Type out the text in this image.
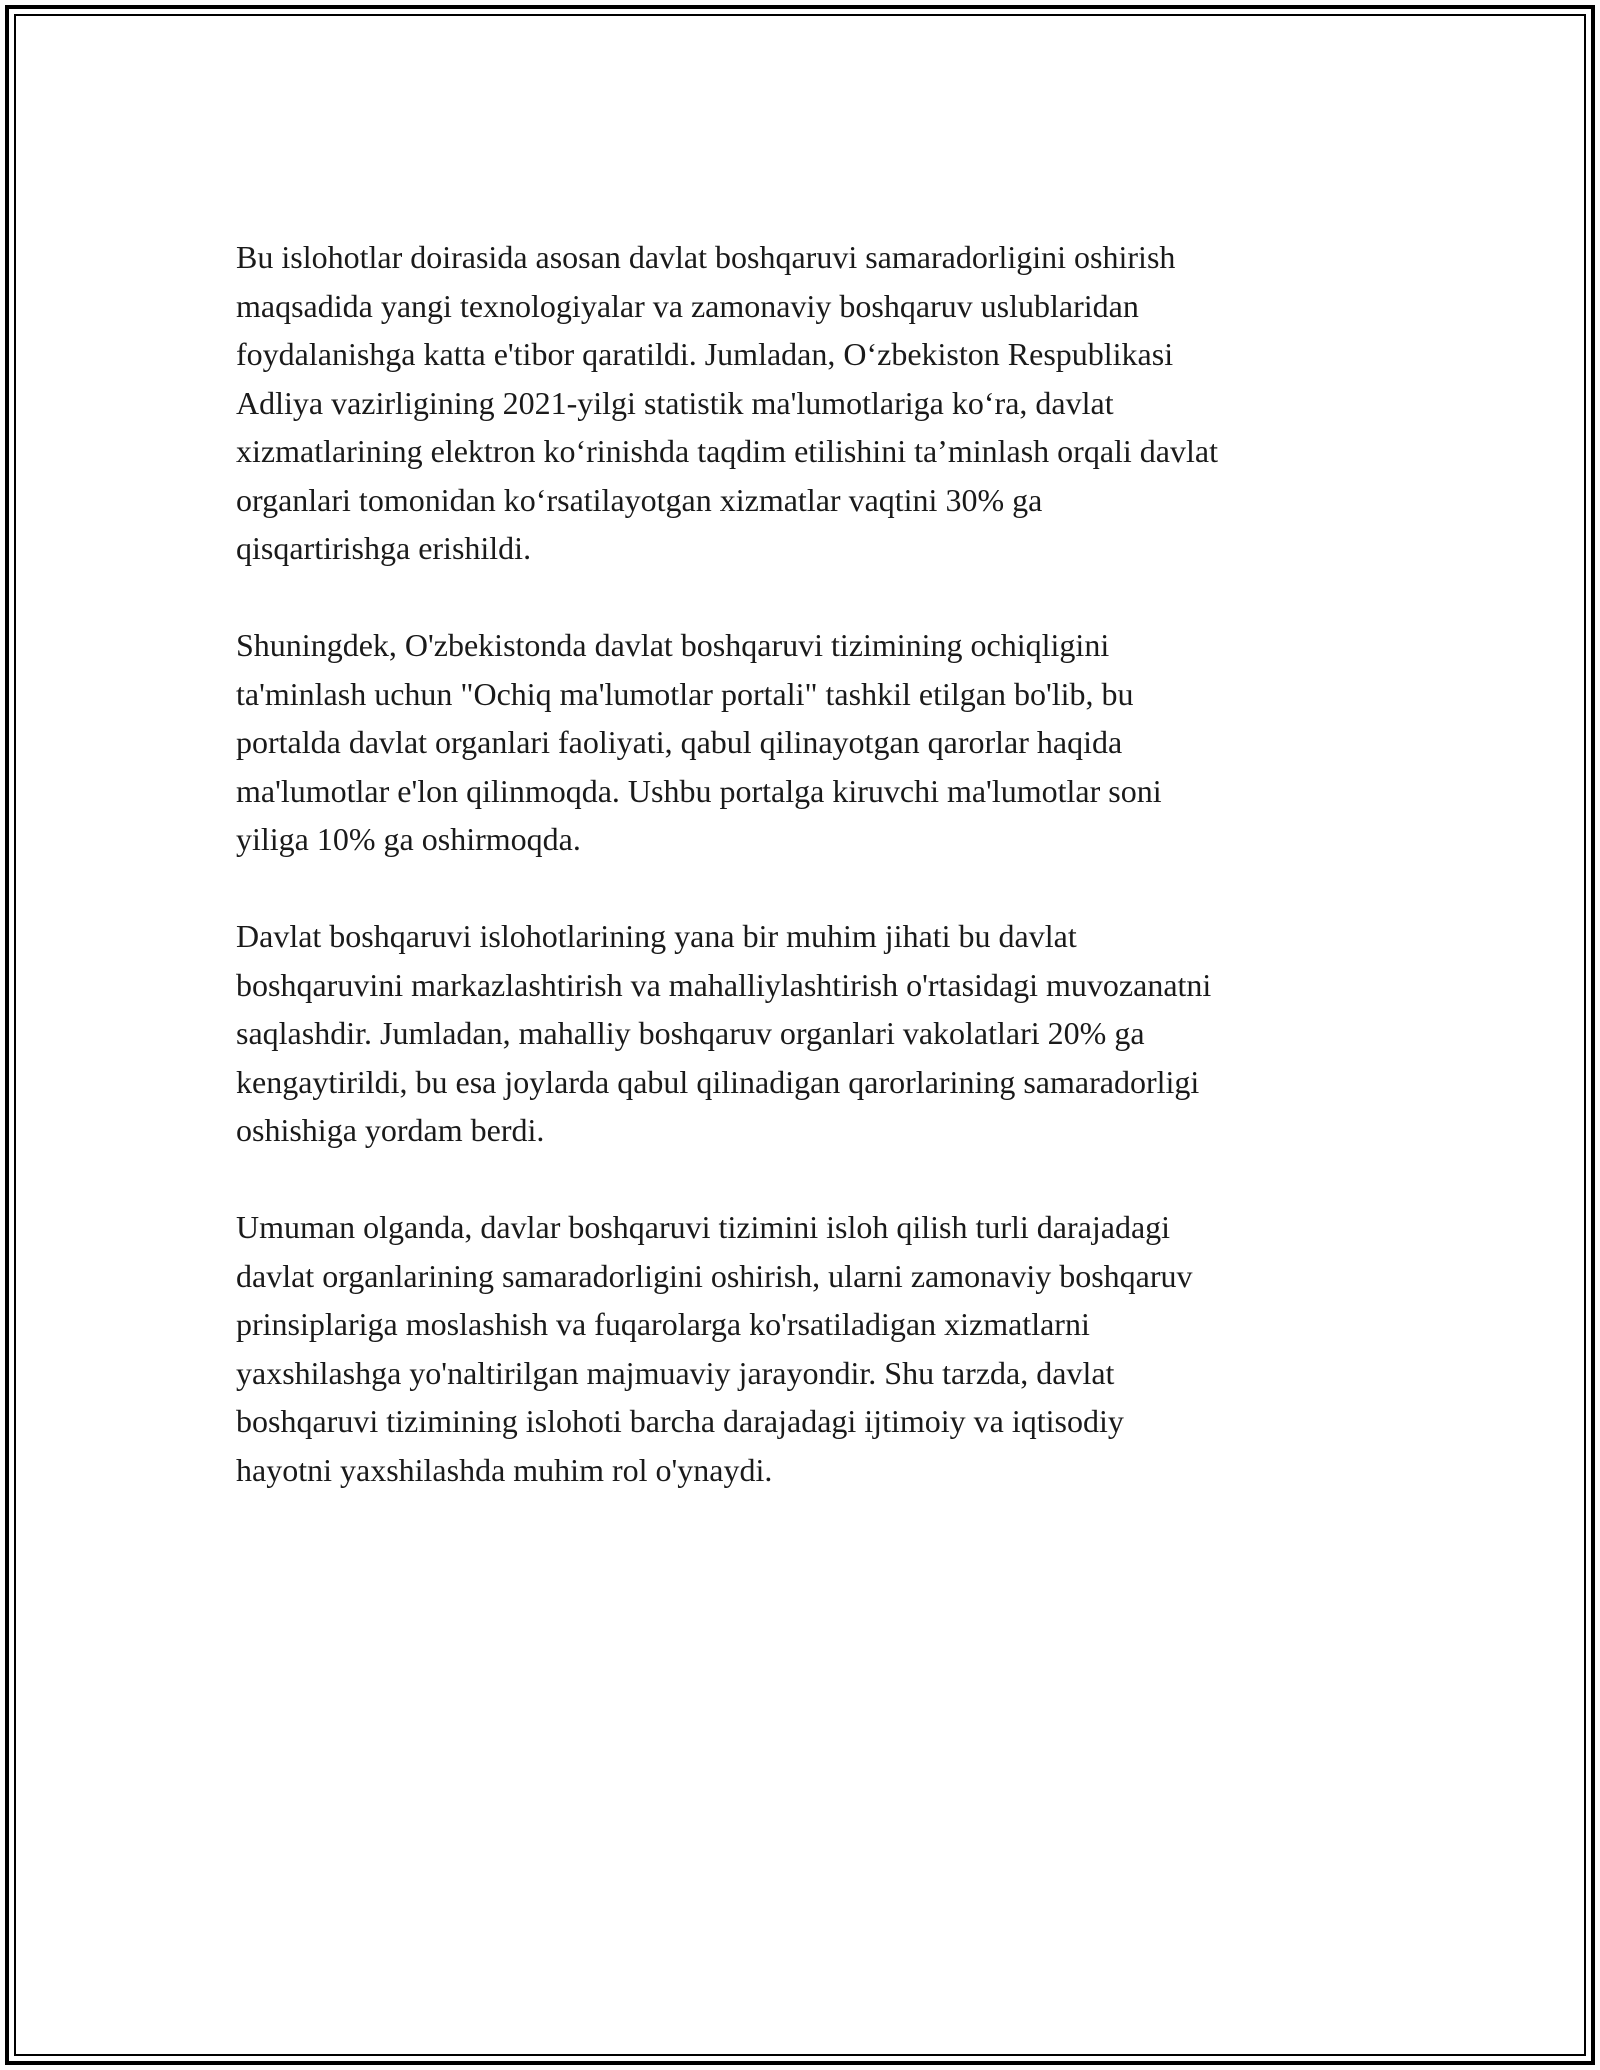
Bu islohotlar doirasida asosan davlat boshqaruvi samaradorligini oshirish
maqsadida yangi texnologiyalar va zamonaviy boshqaruv uslublaridan
foydalanishga katta e'tibor qaratildi. Jumladan, O‘zbekiston Respublikasi
Adliya vazirligining 2021-yilgi statistik ma'lumotlariga ko‘ra, davlat
xizmatlarining elektron ko‘rinishda taqdim etilishini ta’minlash orqali davlat
organlari tomonidan ko‘rsatilayotgan xizmatlar vaqtini 30% ga
qisqartirishga erishildi.

Shuningdek, O'zbekistonda davlat boshqaruvi tizimining ochiqligini
ta'minlash uchun "Ochiq ma'lumotlar portali" tashkil etilgan bo'lib, bu
portalda davlat organlari faoliyati, qabul qilinayotgan qarorlar haqida
ma'lumotlar e'lon qilinmoqda. Ushbu portalga kiruvchi ma'lumotlar soni
yiliga 10% ga oshirmoqda.

Davlat boshqaruvi islohotlarining yana bir muhim jihati bu davlat
boshqaruvini markazlashtirish va mahalliylashtirish o'rtasidagi muvozanatni
saqlashdir. Jumladan, mahalliy boshqaruv organlari vakolatlari 20% ga
kengaytirildi, bu esa joylarda qabul qilinadigan qarorlarining samaradorligi
oshishiga yordam berdi.

Umuman olganda, davlar boshqaruvi tizimini isloh qilish turli darajadagi
davlat organlarining samaradorligini oshirish, ularni zamonaviy boshqaruv
prinsiplariga moslashish va fuqarolarga ko'rsatiladigan xizmatlarni
yaxshilashga yo'naltirilgan majmuaviy jarayondir. Shu tarzda, davlat
boshqaruvi tizimining islohoti barcha darajadagi ijtimoiy va iqtisodiy
hayotni yaxshilashda muhim rol o'ynaydi.
